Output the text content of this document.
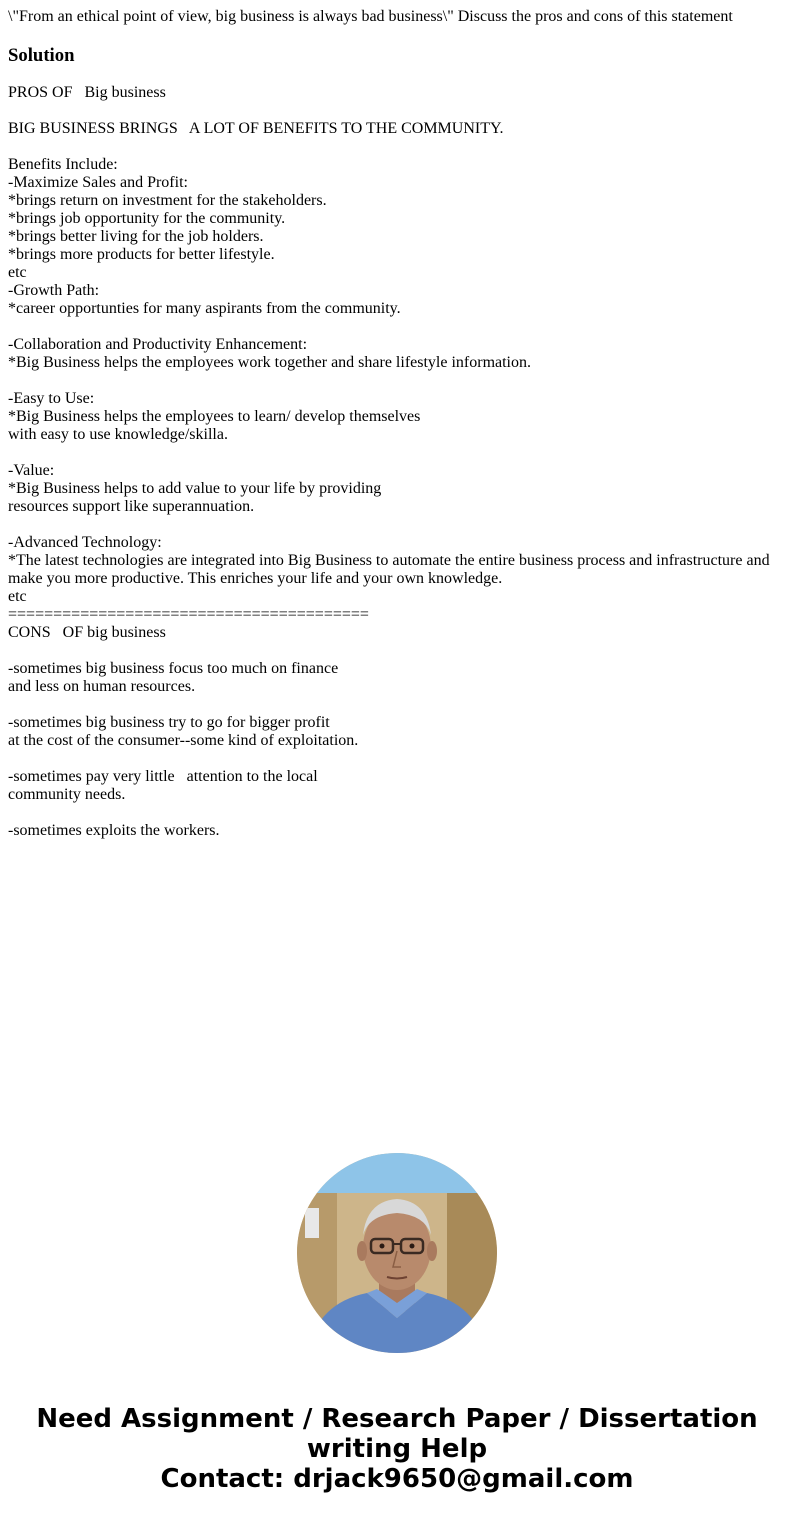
\"From an ethical point of view, big business is always bad business\" Discuss the pros and cons of this statement
Solution
PROS OF   Big business

BIG BUSINESS BRINGS   A LOT OF BENEFITS TO THE COMMUNITY.

Benefits Include:
-Maximize Sales and Profit:
*brings return on investment for the stakeholders.
*brings job opportunity for the community.
*brings better living for the job holders.
*brings more products for better lifestyle.
etc
-Growth Path:
*career opportunties for many aspirants from the community.

-Collaboration and Productivity Enhancement:
*Big Business helps the employees work together and share lifestyle information.

-Easy to Use:
*Big Business helps the employees to learn/ develop themselves
with easy to use knowledge/skilla.

-Value:
*Big Business helps to add value to your life by providing
resources support like superannuation.

-Advanced Technology:
*The latest technologies are integrated into Big Business to automate the entire business process and infrastructure and make you more productive. This enriches your life and your own knowledge.
etc
========================================
CONS   OF big business

-sometimes big business focus too much on finance
and less on human resources.

-sometimes big business try to go for bigger profit
at the cost of the consumer--some kind of exploitation.

-sometimes pay very little   attention to the local
community needs.

-sometimes exploits the workers.
Need Assignment / Research Paper / Dissertation
writing Help
Contact: drjack9650@gmail.com
